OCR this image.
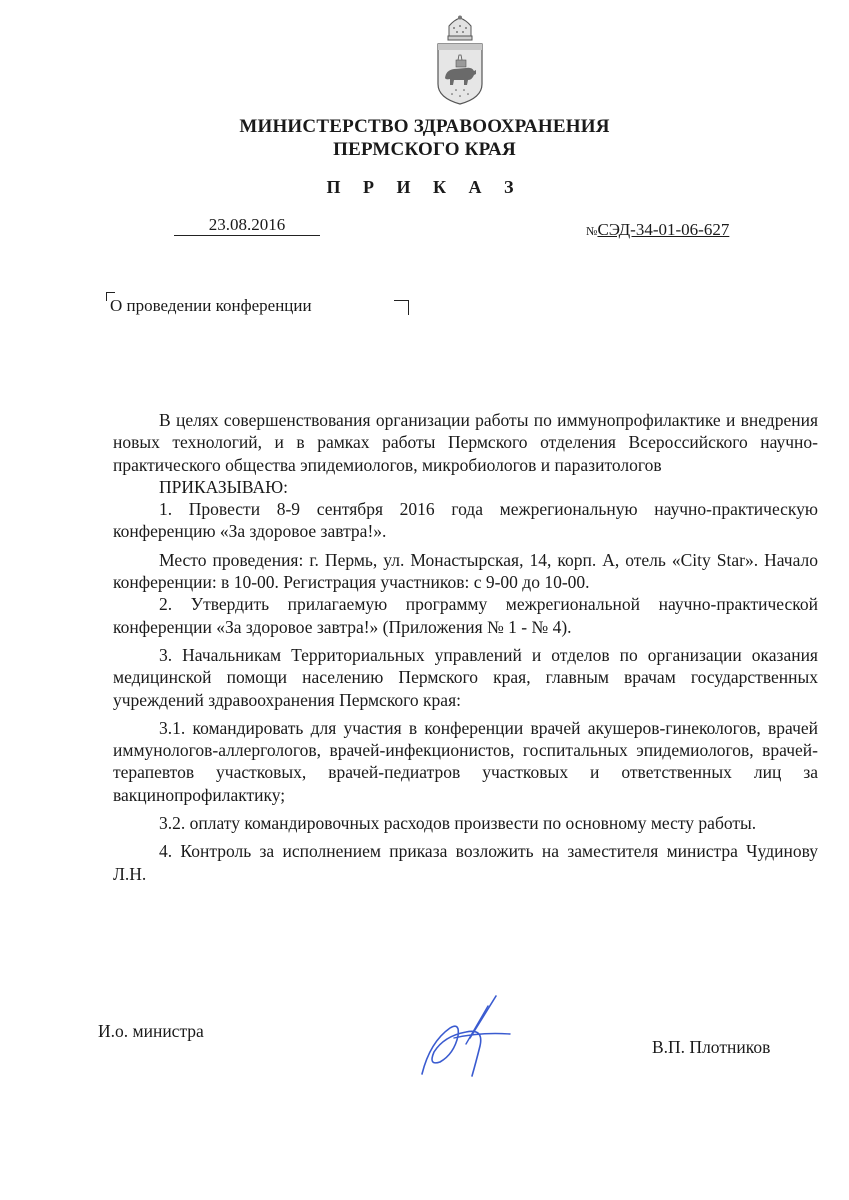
МИНИСТЕРСТВО ЗДРАВООХРАНЕНИЯ
ПЕРМСКОГО КРАЯ
П Р И К А З
23.08.2016	№СЭД-34-01-06-627
О проведении конференции

В целях совершенствования организации работы по иммунопрофилактике и внедрения новых технологий, и в рамках работы Пермского отделения Всероссийского научно-практического общества эпидемиологов, микробиологов и паразитологов

ПРИКАЗЫВАЮ:

1. Провести 8-9 сентября 2016 года межрегиональную научно-практическую конференцию «За здоровое завтра!».

Место проведения: г. Пермь, ул. Монастырская, 14, корп. А, отель «City Star». Начало конференции: в 10-00. Регистрация участников: с 9-00 до 10-00.

2. Утвердить прилагаемую программу межрегиональной научно-практической конференции «За здоровое завтра!» (Приложения № 1 - № 4).

3. Начальникам Территориальных управлений и отделов по организации оказания медицинской помощи населению Пермского края, главным врачам государственных учреждений здравоохранения Пермского края:

3.1. командировать для участия в конференции врачей акушеров-гинекологов, врачей иммунологов-аллергологов, врачей-инфекционистов, госпитальных эпидемиологов, врачей-терапевтов участковых, врачей-педиатров участковых и ответственных лиц за вакцинопрофилактику;

3.2. оплату командировочных расходов произвести по основному месту работы.

4. Контроль за исполнением приказа возложить на заместителя министра Чудинову Л.Н.

И.о. министра
В.П. Плотников
